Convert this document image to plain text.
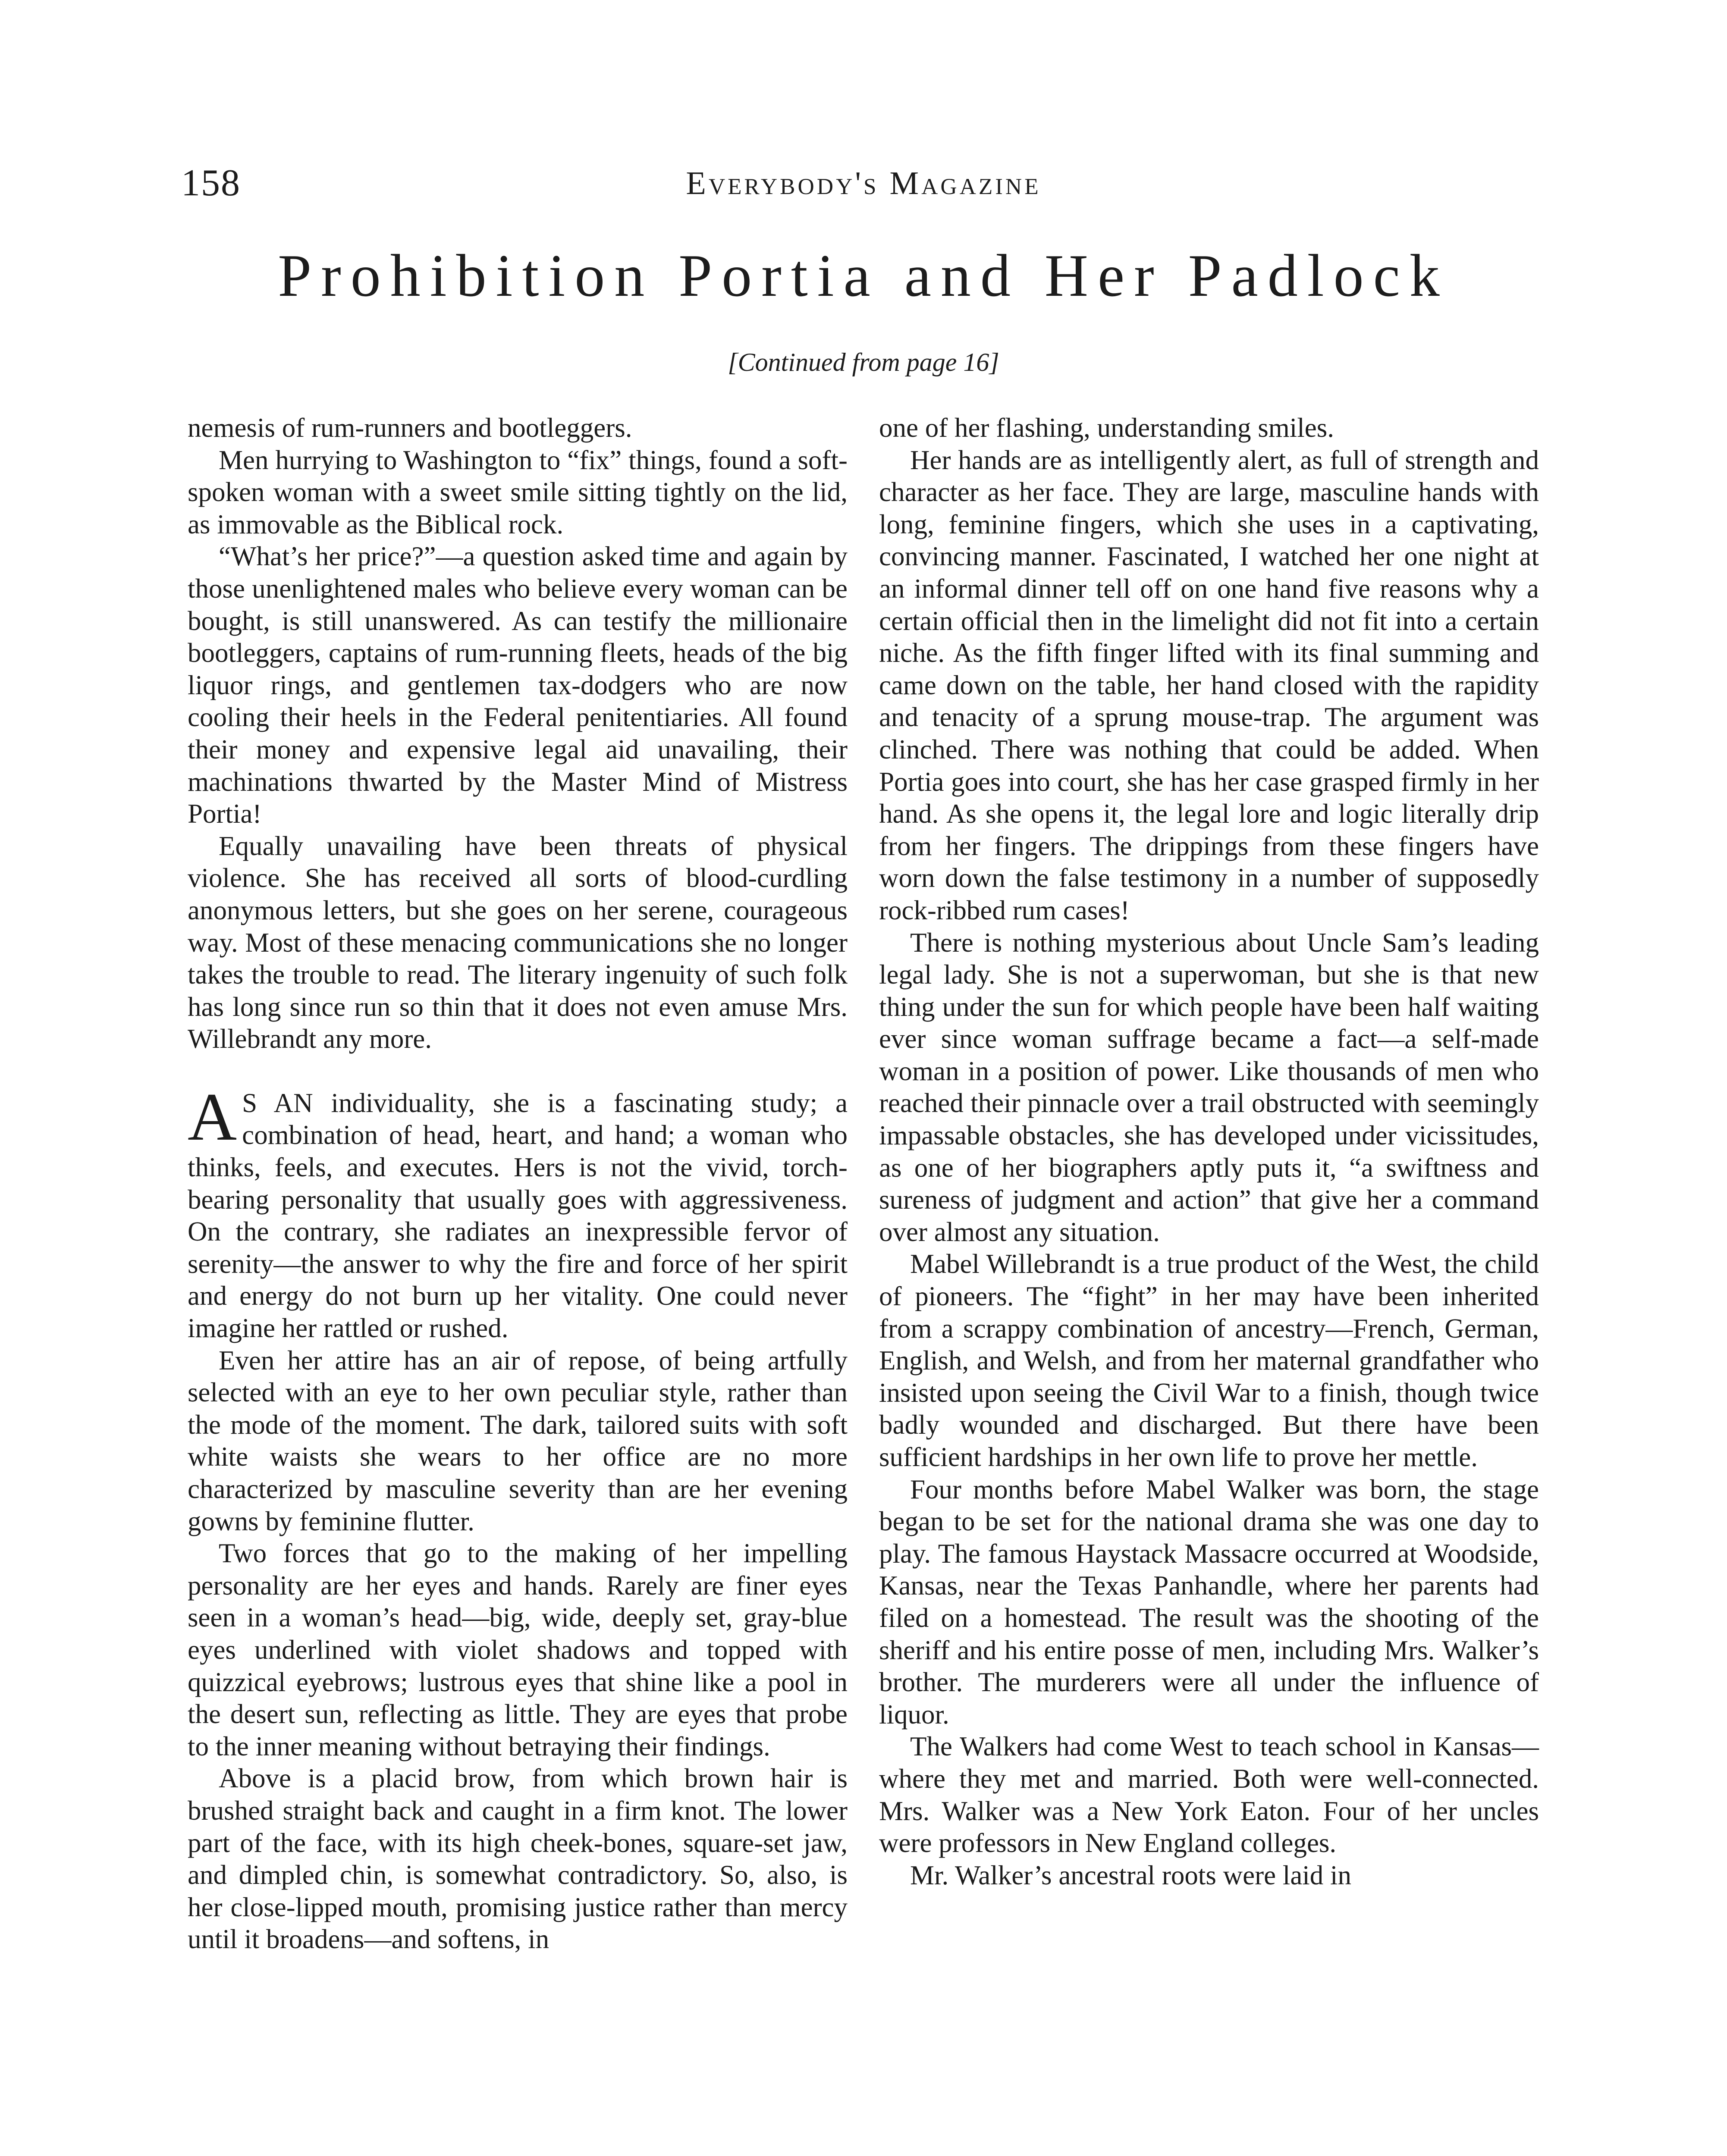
158	Everybody's Magazine
Prohibition Portia and Her Padlock
[Continued from page 16]

nemesis of rum-runners and bootleggers.

Men hurrying to Washington to “fix” things, found a soft-spoken woman with a sweet smile sitting tightly on the lid, as immovable as the Biblical rock.

“What’s her price?”—a question asked time and again by those unenlightened males who believe every woman can be bought, is still unanswered. As can testify the millionaire bootleggers, captains of rum-running fleets, heads of the big liquor rings, and gentlemen tax-dodgers who are now cooling their heels in the Federal penitentiaries. All found their money and expensive legal aid unavailing, their machinations thwarted by the Master Mind of Mistress Portia!

Equally unavailing have been threats of physical violence. She has received all sorts of blood-curdling anonymous letters, but she goes on her serene, courageous way. Most of these menacing communications she no longer takes the trouble to read. The literary ingenuity of such folk has long since run so thin that it does not even amuse Mrs. Willebrandt any more.

A S AN individuality, she is a fascinating study; a combination of head, heart, and hand; a woman who thinks, feels, and executes. Hers is not the vivid, torch-bearing personality that usually goes with aggressiveness. On the contrary, she radiates an inexpressible fervor of serenity—the answer to why the fire and force of her spirit and energy do not burn up her vitality. One could never imagine her rattled or rushed.

Even her attire has an air of repose, of being artfully selected with an eye to her own peculiar style, rather than the mode of the moment. The dark, tailored suits with soft white waists she wears to her office are no more characterized by masculine severity than are her evening gowns by feminine flutter.

Two forces that go to the making of her impelling personality are her eyes and hands. Rarely are finer eyes seen in a woman’s head—big, wide, deeply set, gray-blue eyes underlined with violet shadows and topped with quizzical eyebrows; lustrous eyes that shine like a pool in the desert sun, reflecting as little. They are eyes that probe to the inner meaning without betraying their findings.

Above is a placid brow, from which brown hair is brushed straight back and caught in a firm knot. The lower part of the face, with its high cheek-bones, square-set jaw, and dimpled chin, is somewhat contradictory. So, also, is her close-lipped mouth, promising justice rather than mercy until it broadens—and softens, in

one of her flashing, understanding smiles.

Her hands are as intelligently alert, as full of strength and character as her face. They are large, masculine hands with long, feminine fingers, which she uses in a captivating, convincing manner. Fascinated, I watched her one night at an informal dinner tell off on one hand five reasons why a certain official then in the limelight did not fit into a certain niche. As the fifth finger lifted with its final summing and came down on the table, her hand closed with the rapidity and tenacity of a sprung mouse-trap. The argument was clinched. There was nothing that could be added. When Portia goes into court, she has her case grasped firmly in her hand. As she opens it, the legal lore and logic literally drip from her fingers. The drippings from these fingers have worn down the false testimony in a number of supposedly rock-ribbed rum cases!

There is nothing mysterious about Uncle Sam’s leading legal lady. She is not a superwoman, but she is that new thing under the sun for which people have been half waiting ever since woman suffrage became a fact—a self-made woman in a position of power. Like thousands of men who reached their pinnacle over a trail obstructed with seemingly impassable obstacles, she has developed under vicissitudes, as one of her biographers aptly puts it, “a swiftness and sureness of judgment and action” that give her a command over almost any situation.

Mabel Willebrandt is a true product of the West, the child of pioneers. The “fight” in her may have been inherited from a scrappy combination of ancestry—French, German, English, and Welsh, and from her maternal grandfather who insisted upon seeing the Civil War to a finish, though twice badly wounded and discharged. But there have been sufficient hardships in her own life to prove her mettle.

Four months before Mabel Walker was born, the stage began to be set for the national drama she was one day to play. The famous Haystack Massacre occurred at Woodside, Kansas, near the Texas Panhandle, where her parents had filed on a homestead. The result was the shooting of the sheriff and his entire posse of men, including Mrs. Walker’s brother. The murderers were all under the influence of liquor.

The Walkers had come West to teach school in Kansas—where they met and married. Both were well-connected. Mrs. Walker was a New York Eaton. Four of her uncles were professors in New England colleges.

Mr. Walker’s ancestral roots were laid in
